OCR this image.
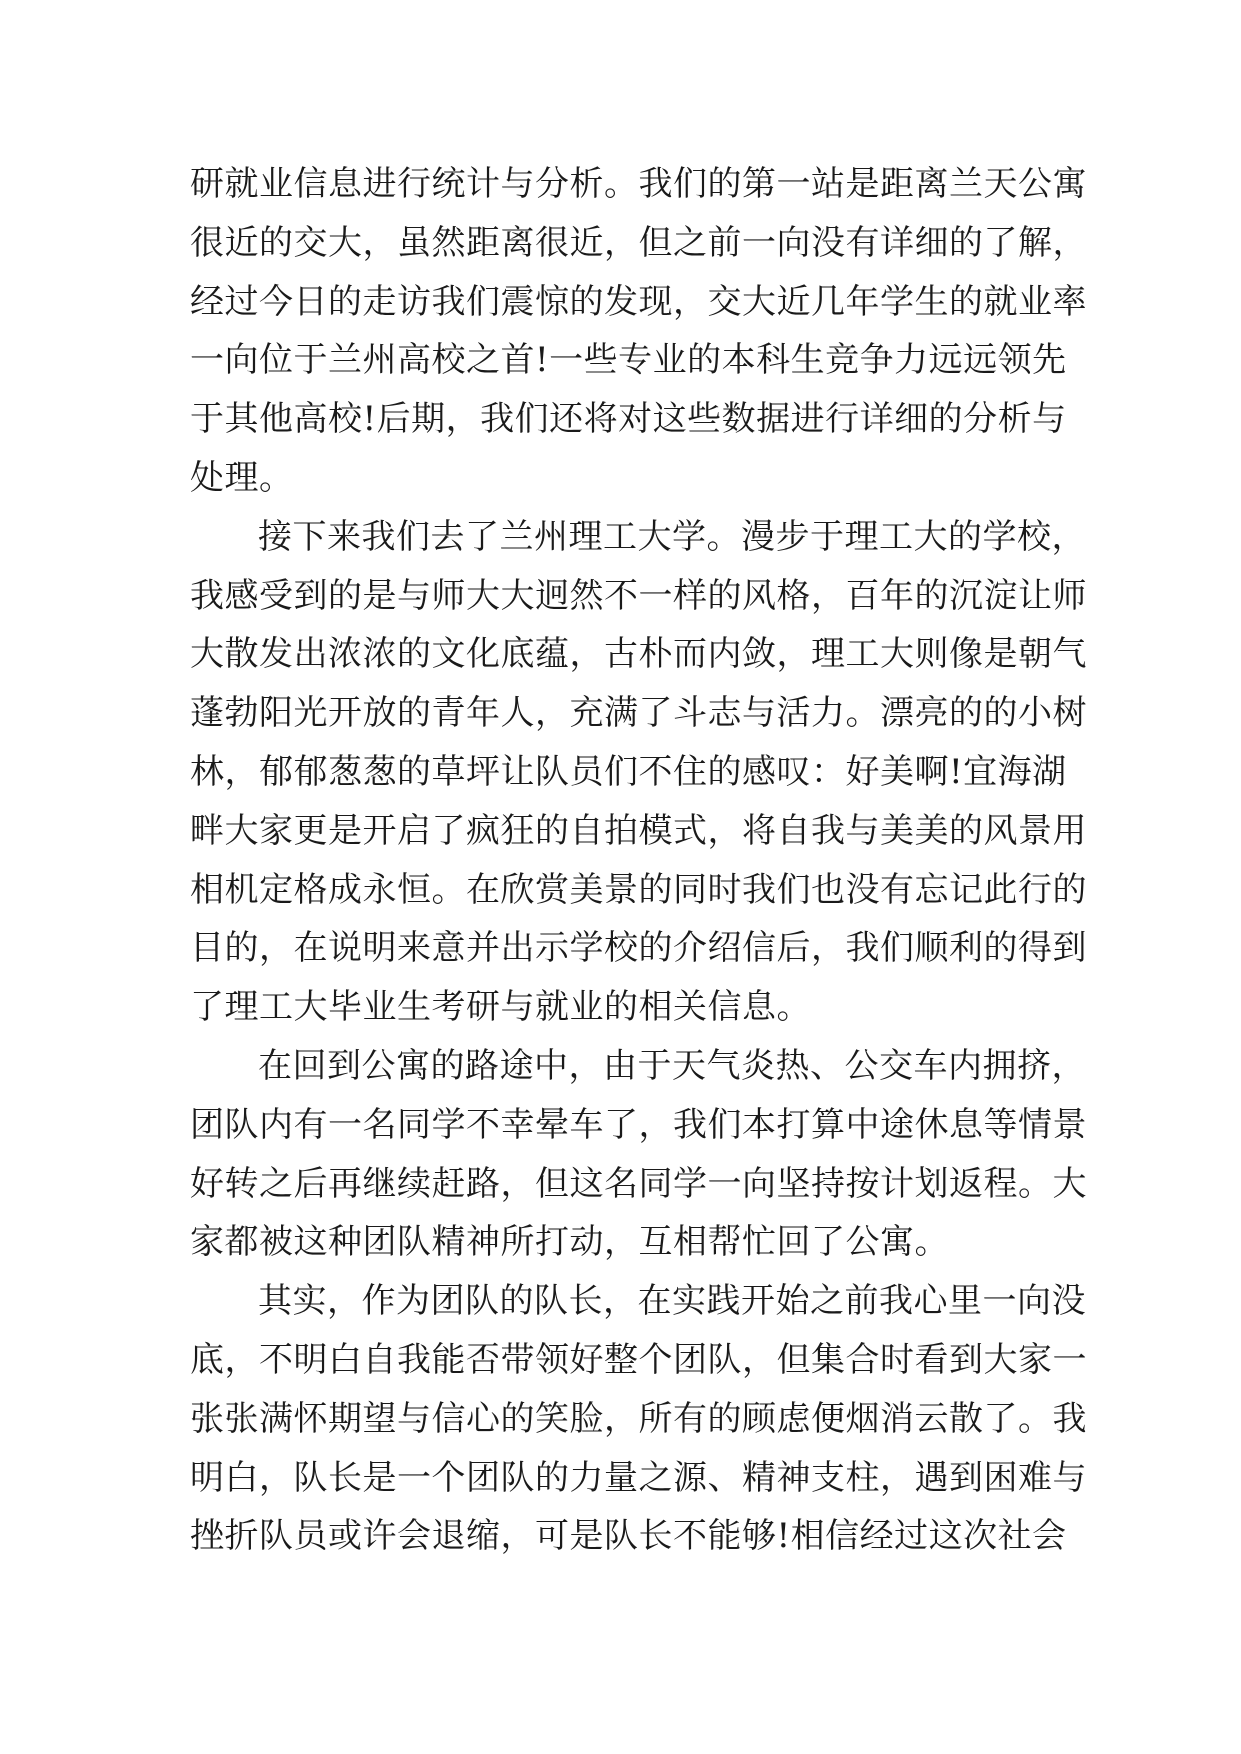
研就业信息进行统计与分析。我们的第一站是距离兰天公寓
很近的交大，虽然距离很近，但之前一向没有详细的了解，
经过今日的走访我们震惊的发现，交大近几年学生的就业率
一向位于兰州高校之首!一些专业的本科生竞争力远远领先
于其他高校!后期，我们还将对这些数据进行详细的分析与
处理。
接下来我们去了兰州理工大学。漫步于理工大的学校，
我感受到的是与师大大迥然不一样的风格，百年的沉淀让师
大散发出浓浓的文化底蕴，古朴而内敛，理工大则像是朝气
蓬勃阳光开放的青年人，充满了斗志与活力。漂亮的的小树
林，郁郁葱葱的草坪让队员们不住的感叹：好美啊!宜海湖
畔大家更是开启了疯狂的自拍模式，将自我与美美的风景用
相机定格成永恒。在欣赏美景的同时我们也没有忘记此行的
目的，在说明来意并出示学校的介绍信后，我们顺利的得到
了理工大毕业生考研与就业的相关信息。
在回到公寓的路途中，由于天气炎热、公交车内拥挤，
团队内有一名同学不幸晕车了，我们本打算中途休息等情景
好转之后再继续赶路，但这名同学一向坚持按计划返程。大
家都被这种团队精神所打动，互相帮忙回了公寓。
其实，作为团队的队长，在实践开始之前我心里一向没
底，不明白自我能否带领好整个团队，但集合时看到大家一
张张满怀期望与信心的笑脸，所有的顾虑便烟消云散了。我
明白，队长是一个团队的力量之源、精神支柱，遇到困难与
挫折队员或许会退缩，可是队长不能够!相信经过这次社会
